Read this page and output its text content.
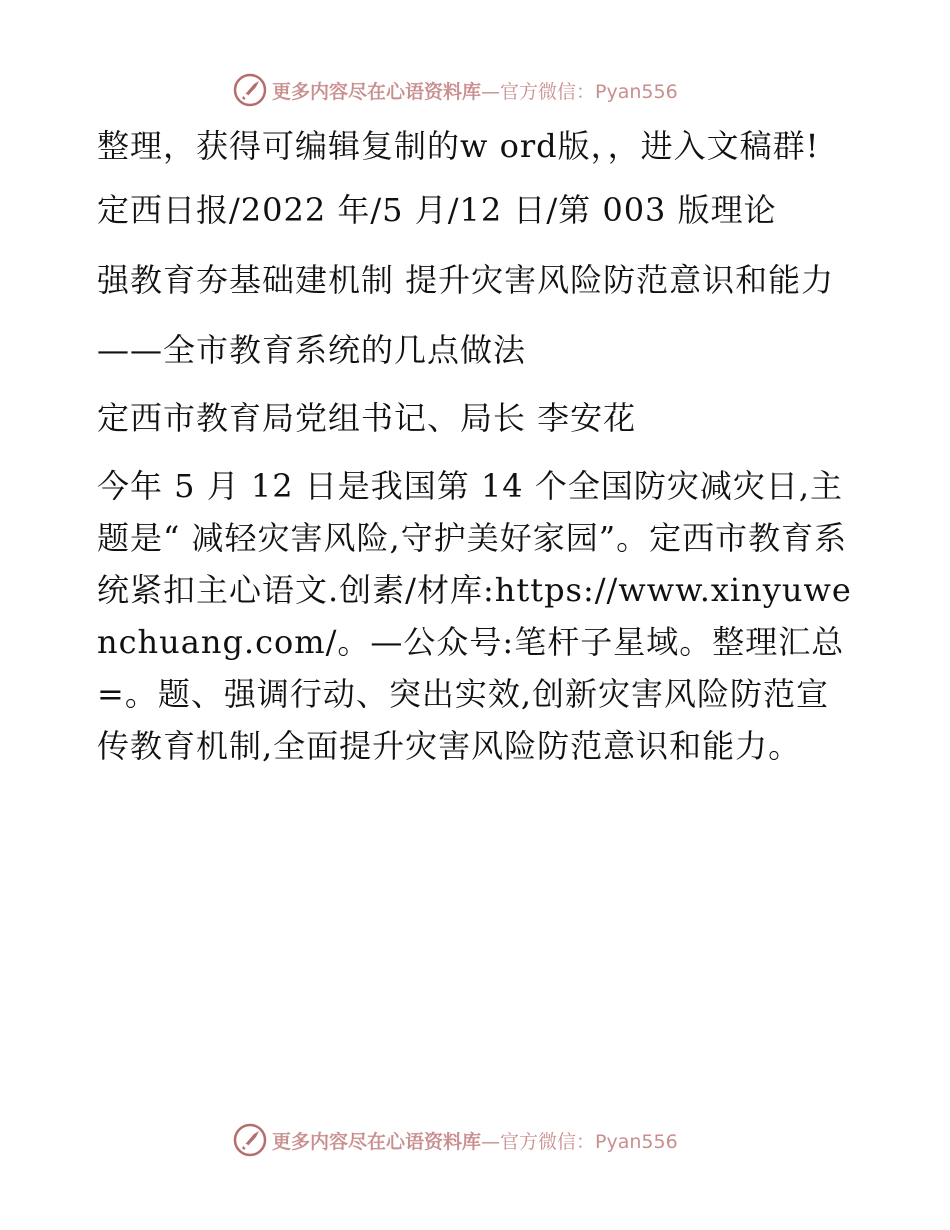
更多内容尽在心语资料库 —官方微信：Pyan556

整理，获得可编辑复制的w ord版，，进入文稿群!

定西日报/2022 年/5 月/12 日/第 003 版理论

强教育夯基础建机制 提升灾害风险防范意识和能力

——全市教育系统的几点做法

定西市教育局党组书记、局长 李安花

今年 5 月 12 日是我国第 14 个全国防灾减灾日,主题是“ 减轻灾害风险,守护美好家园”。定西市教育系统紧扣主心语文.创素/材库:https://www.xinyuwenchuang.com/。—公众号:笔杆子星域。整理汇总=。题、强调行动、突出实效,创新灾害风险防范宣传教育机制,全面提升灾害风险防范意识和能力。

更多内容尽在心语资料库 —官方微信：Pyan556
